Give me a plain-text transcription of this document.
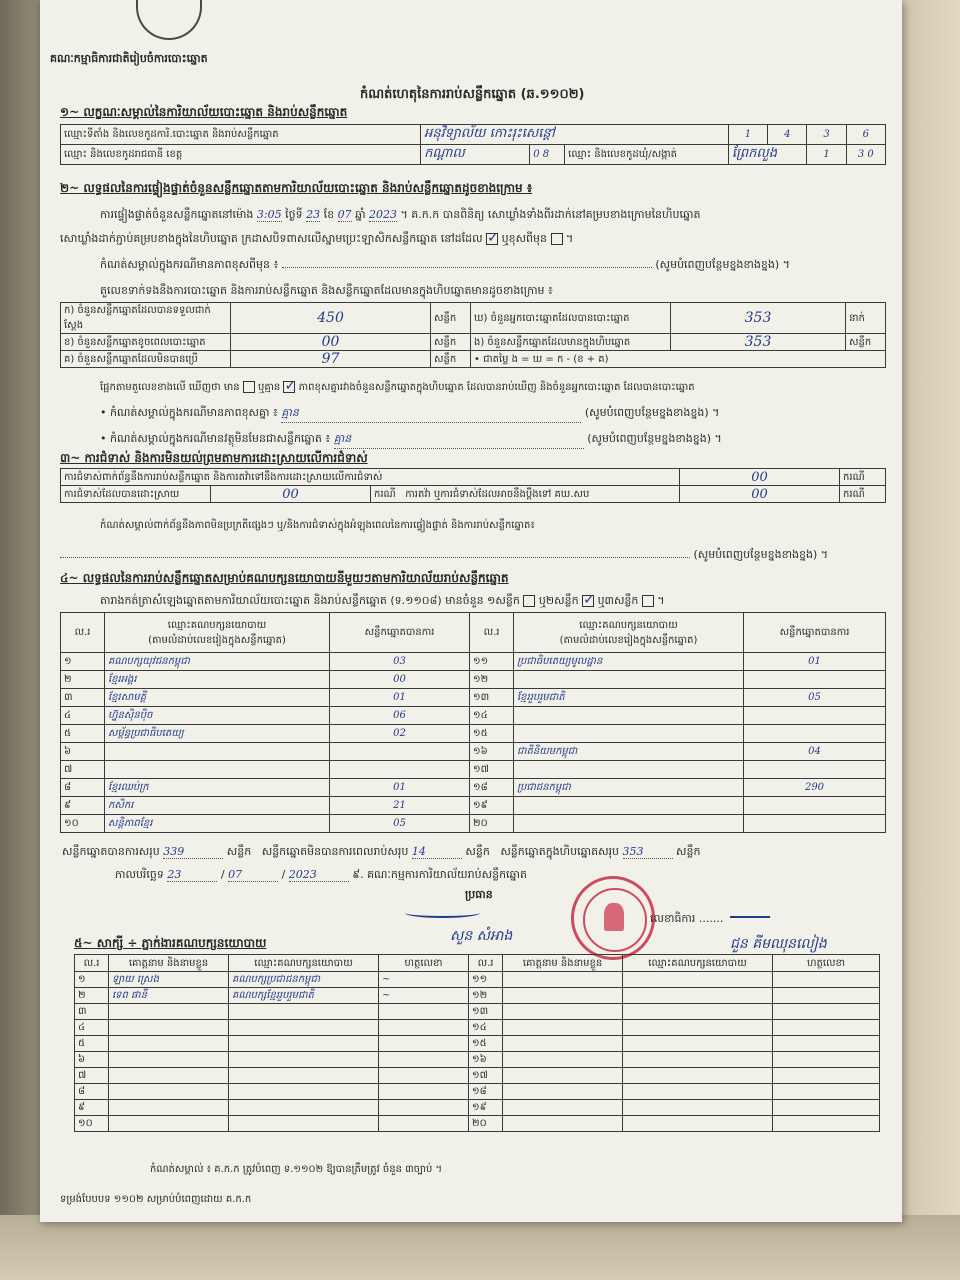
គណៈកម្មាធិការជាតិរៀបចំការបោះឆ្នោត
កំណត់ហេតុនៃការរាប់សន្លឹកឆ្នោត (ឆ.១១០២)
១~ លក្ខណៈសម្គាល់នៃការិយាល័យបោះឆ្នោត និងរាប់សន្លឹកឆ្នោត
ឈ្មោះទីតាំង និងលេខកូដការិ.បោះឆ្នោត និងរាប់សន្លឹកឆ្នោត	អនុវិទ្យាល័យ កោះរុះសេន្តៅ			1	4	3	6
ឈ្មោះ និងលេខកូដរាជធានី ខេត្ត	កណ្តាល	0 8	ឈ្មោះ និងលេខកូដឃុំ/សង្កាត់	ព្រែកលួង		1	3 0
២~ លទ្ធផលនៃការផ្ទៀងផ្ទាត់ចំនួនសន្លឹកឆ្នោតតាមការិយាល័យបោះឆ្នោត និងរាប់សន្លឹកឆ្នោតដូចខាងក្រោម ៖
ការផ្ទៀងផ្ទាត់ចំនួនសន្លឹកឆ្នោតនៅម៉ោង 3:05 ថ្ងៃទី 23 ខែ 07 ឆ្នាំ 2023 ។ គ.ក.ក បានពិនិត្យ សោឃ្លាំងទាំងពីរដាក់នៅគម្របខាងក្រោមនៃហិបឆ្នោត
សោឃ្លាំងដាក់ភ្ជាប់គម្របខាងក្នុងនៃហិបឆ្នោត ក្រដាសបិទពាសលើស្នាមប្រេះឡាសិកសន្លឹកឆ្នោត នៅដដែល ✓ ឬខុសពីមុន  ។
កំណត់សម្គាល់ក្នុងករណីមានភាពខុសពីមុន ៖	(សូមបំពេញបន្ថែមខ្នងខាងខ្នង) ។
តួលេខទាក់ទងនឹងការបោះឆ្នោត និងការរាប់សន្លឹកឆ្នោត និងសន្លឹកឆ្នោតដែលមានក្នុងហិបឆ្នោតមានដូចខាងក្រោម ៖
ក) ចំនួនសន្លឹកឆ្នោតដែលបានទទួលជាក់ស្តែង	450	សន្លឹក	ឃ) ចំនួនអ្នកបោះឆ្នោតដែលបានបោះឆ្នោត	353	នាក់
ខ) ចំនួនសន្លឹកឆ្នោតខូចពេលបោះឆ្នោត	00	សន្លឹក	ង) ចំនួនសន្លឹកឆ្នោតដែលមានក្នុងហិបឆ្នោត	353	សន្លឹក
គ) ចំនួនសន្លឹកឆ្នោតដែលមិនបានប្រើ	97	សន្លឹក	• ជាតម្លៃ ង = ឃ = ក - (ខ + គ)		
ផ្អែកតាមតួលេខខាងលើ ឃើញថា មាន ឬគ្មាន ✓ ភាពខុសគ្នារវាងចំនួនសន្លឹកឆ្នោតក្នុងហិបឆ្នោត ដែលបានរាប់ឃើញ និងចំនួនអ្នកបោះឆ្នោត ដែលបានបោះឆ្នោត
• កំណត់សម្គាល់ក្នុងករណីមានភាពខុសគ្នា ៖ គ្មាន	(សូមបំពេញបន្ថែមខ្នងខាងខ្នង) ។
• កំណត់សម្គាល់ក្នុងករណីមានវត្ថុមិនមែនជាសន្លឹកឆ្នោត ៖ គ្មាន	(សូមបំពេញបន្ថែមខ្នងខាងខ្នង) ។
៣~ ការជំទាស់ និងការមិនយល់ព្រមតាមការដោះស្រាយលើការជំទាស់
ការជំទាស់ពាក់ព័ន្ធនឹងការរាប់សន្លឹកឆ្នោត និងការតវ៉ាទៅនឹងការដោះស្រាយលើការជំទាស់			00	ករណី
ការជំទាស់ដែលបានដោះស្រាយ	00	ករណី ការតវ៉ា ឬការជំទាស់ដែលអាចនឹងប្តឹងទៅ គឃ.សប	00	ករណី
កំណត់សម្គាល់ពាក់ព័ន្ធនឹងភាពមិនប្រក្រតីផ្សេងៗ ឬ/និងការជំទាស់ក្នុងអំឡុងពេលនៃការផ្ទៀងផ្ទាត់ និងការរាប់សន្លឹកឆ្នោត៖
(សូមបំពេញបន្ថែមខ្នងខាងខ្នង) ។
៤~ លទ្ធផលនៃការរាប់សន្លឹកឆ្នោតសម្រាប់គណបក្សនយោបាយនីមួយៗតាមការិយាល័យរាប់សន្លឹកឆ្នោត
តារាងកត់ត្រាសំឡេងឆ្នោតតាមការិយាល័យបោះឆ្នោត និងរាប់សន្លឹកឆ្នោត (ទ.១១០៨) មានចំនួន ១សន្លឹក ឬ២សន្លឹក ✓ ឬ៣សន្លឹក  ។
ល.រ	ឈ្មោះគណបក្សនយោបាយ
(តាមលំដាប់លេខរៀងក្នុងសន្លឹកឆ្នោត)	សន្លឹកឆ្នោតបានការ	ល.រ	ឈ្មោះគណបក្សនយោបាយ
(តាមលំដាប់លេខរៀងក្នុងសន្លឹកឆ្នោត)	សន្លឹកឆ្នោតបានការ
១	គណបក្សយុវជនកម្ពុជា	03	១១	ប្រជាធិបតេយ្យមូលដ្ឋាន	01
២	ខ្មែរអង្គរ	00	១២		
៣	ខ្មែរសាមគ្គី	01	១៣	ខ្មែររួបរួមជាតិ	05
៤	ហ្វ៊ុនស៊ិនប៉ិច	06	១៤		
៥	សម្ព័ន្ធប្រជាធិបតេយ្យ	02	១៥		
៦			១៦	ជាតិនិយមកម្ពុជា	04
៧			១៧		
៨	ខ្មែរឈប់ក្រ	01	១៨	ប្រជាជនកម្ពុជា	290
៩	កសិករ	21	១៩		
១០	សន្តិភាពខ្មែរ	05	២០		
សន្លឹកឆ្នោតបានការសរុប 339	សន្លឹក សន្លឹកឆ្នោតមិនបានការពេលរាប់សរុប 14	សន្លឹក សន្លឹកឆ្នោតក្នុងហិបឆ្នោតសរុប 353	សន្លឹក
កាលបរិច្ឆេទ 23	/ 07	/ 2023	៩. គណៈកម្មការការិយាល័យរាប់សន្លឹកឆ្នោត
ប្រធាន
សួន សំអាង
លេខាធិការ .......
ជួន គីមឈុនលៀង
៥~ សាក្សី ÷ ភ្នាក់ងារគណបក្សនយោបាយ
ល.រ	គោត្តនាម និងនាមខ្លួន	ឈ្មោះគណបក្សនយោបាយ	ហត្ថលេខា	ល.រ	គោត្តនាម និងនាមខ្លួន	ឈ្មោះគណបក្សនយោបាយ	ហត្ថលេខា
១	ឡាយ ស្រេង	គណបក្សប្រជាជនកម្ពុជា	~	១១			
២	ទេព ផានី	គណបក្សខ្មែររួបរួមជាតិ	~	១២			
៣				១៣			
៤				១៤			
៥				១៥			
៦				១៦			
៧				១៧			
៨				១៨			
៩				១៩			
១០				២០			
កំណត់សម្គាល់ ៖ គ.ក.ក ត្រូវបំពេញ ទ.១១០២ ឱ្យបានត្រឹមត្រូវ ចំនួន ៣ច្បាប់ ។
ទម្រង់បែបបទ ១១០២ សម្រាប់បំពេញដោយ គ.ក.ក
